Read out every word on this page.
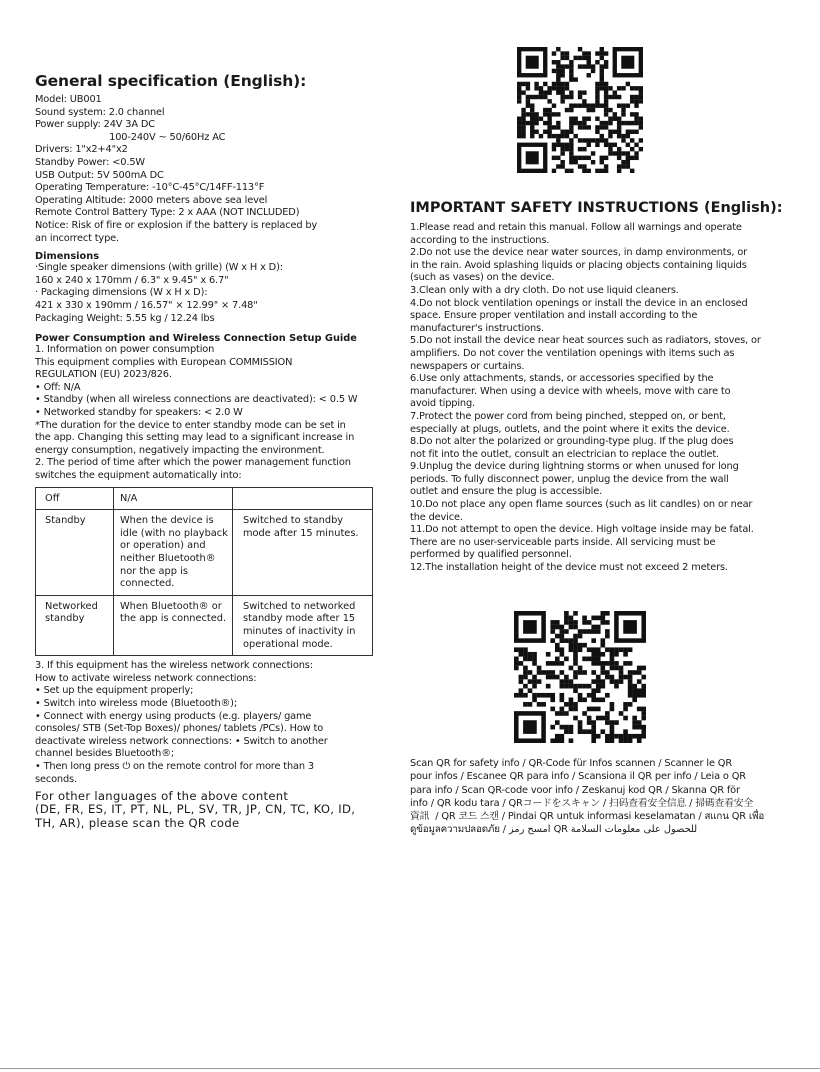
General specification (English):
Model: UB001
Sound system: 2.0 channel
Power supply: 24V 3A DC
100-240V ~ 50/60Hz AC
Drivers: 1"x2+4"x2
Standby Power: <0.5W
USB Output: 5V 500mA DC
Operating Temperature: -10°C-45°C/14FF-113°F
Operating Altitude: 2000 meters above sea level
Remote Control Battery Type: 2 x AAA (NOT INCLUDED)
Notice: Risk of fire or explosion if the battery is replaced by
an incorrect type.
Dimensions
·Single speaker dimensions (with grille) (W x H x D):
160 x 240 x 170mm / 6.3" x 9.45" x 6.7"
· Packaging dimensions (W x H x D):
421 x 330 x 190mm / 16.57" × 12.99" × 7.48"
Packaging Weight: 5.55 kg / 12.24 lbs
Power Consumption and Wireless Connection Setup Guide
1. Information on power consumption
This equipment complies with European COMMISSION
REGULATION (EU) 2023/826.
• Off: N/A
• Standby (when all wireless connections are deactivated): < 0.5 W
• Networked standby for speakers: < 2.0 W
*The duration for the device to enter standby mode can be set in
the app. Changing this setting may lead to a significant increase in
energy consumption, negatively impacting the environment.
2. The period of time after which the power management function
switches the equipment automatically into:
Off	N/A	
Standby	When the device is idle (with no playback or operation) and neither Bluetooth® nor the app is connected.	Switched to standby mode after 15 minutes.
Networked standby	When Bluetooth® or the app is connected.	Switched to networked standby mode after 15 minutes of inactivity in operational mode.
3. If this equipment has the wireless network connections:
How to activate wireless network connections:
• Set up the equipment properly;
• Switch into wireless mode (Bluetooth®);
• Connect with energy using products (e.g. players/ game
consoles/ STB (Set-Top Boxes)/ phones/ tablets /PCs). How to
deactivate wireless network connections: • Switch to another
channel besides Bluetooth®;
• Then long press ⏻ on the remote control for more than 3
seconds.
For other languages of the above content
(DE, FR, ES, IT, PT, NL, PL, SV, TR, JP, CN, TC, KO, ID,
TH, AR), please scan the QR code
IMPORTANT SAFETY INSTRUCTIONS (English):
1.Please read and retain this manual. Follow all warnings and operate
according to the instructions.
2.Do not use the device near water sources, in damp environments, or
in the rain. Avoid splashing liquids or placing objects containing liquids
(such as vases) on the device.
3.Clean only with a dry cloth. Do not use liquid cleaners.
4.Do not block ventilation openings or install the device in an enclosed
space. Ensure proper ventilation and install according to the
manufacturer's instructions.
5.Do not install the device near heat sources such as radiators, stoves, or
amplifiers. Do not cover the ventilation openings with items such as
newspapers or curtains.
6.Use only attachments, stands, or accessories specified by the
manufacturer. When using a device with wheels, move with care to
avoid tipping.
7.Protect the power cord from being pinched, stepped on, or bent,
especially at plugs, outlets, and the point where it exits the device.
8.Do not alter the polarized or grounding-type plug. If the plug does
not fit into the outlet, consult an electrician to replace the outlet.
9.Unplug the device during lightning storms or when unused for long
periods. To fully disconnect power, unplug the device from the wall
outlet and ensure the plug is accessible.
10.Do not place any open flame sources (such as lit candles) on or near
the device.
11.Do not attempt to open the device. High voltage inside may be fatal.
There are no user-serviceable parts inside. All servicing must be
performed by qualified personnel.
12.The installation height of the device must not exceed 2 meters.
Scan QR for safety info / QR-Code für Infos scannen / Scanner le QR
pour infos / Escanee QR para info / Scansiona il QR per info / Leia o QR
para info / Scan QR-code voor info / Zeskanuj kod QR / Skanna QR för
info / QR kodu tara / QRコードをスキャン / 扫码查看安全信息 / 掃碼查看安全
資訊  / QR 코드 스캔 / Pindai QR untuk informasi keselamatan / สแกน QR เพื่อ
ดูข้อมูลความปลอดภัย / امسح رمز QR للحصول على معلومات السلامة
